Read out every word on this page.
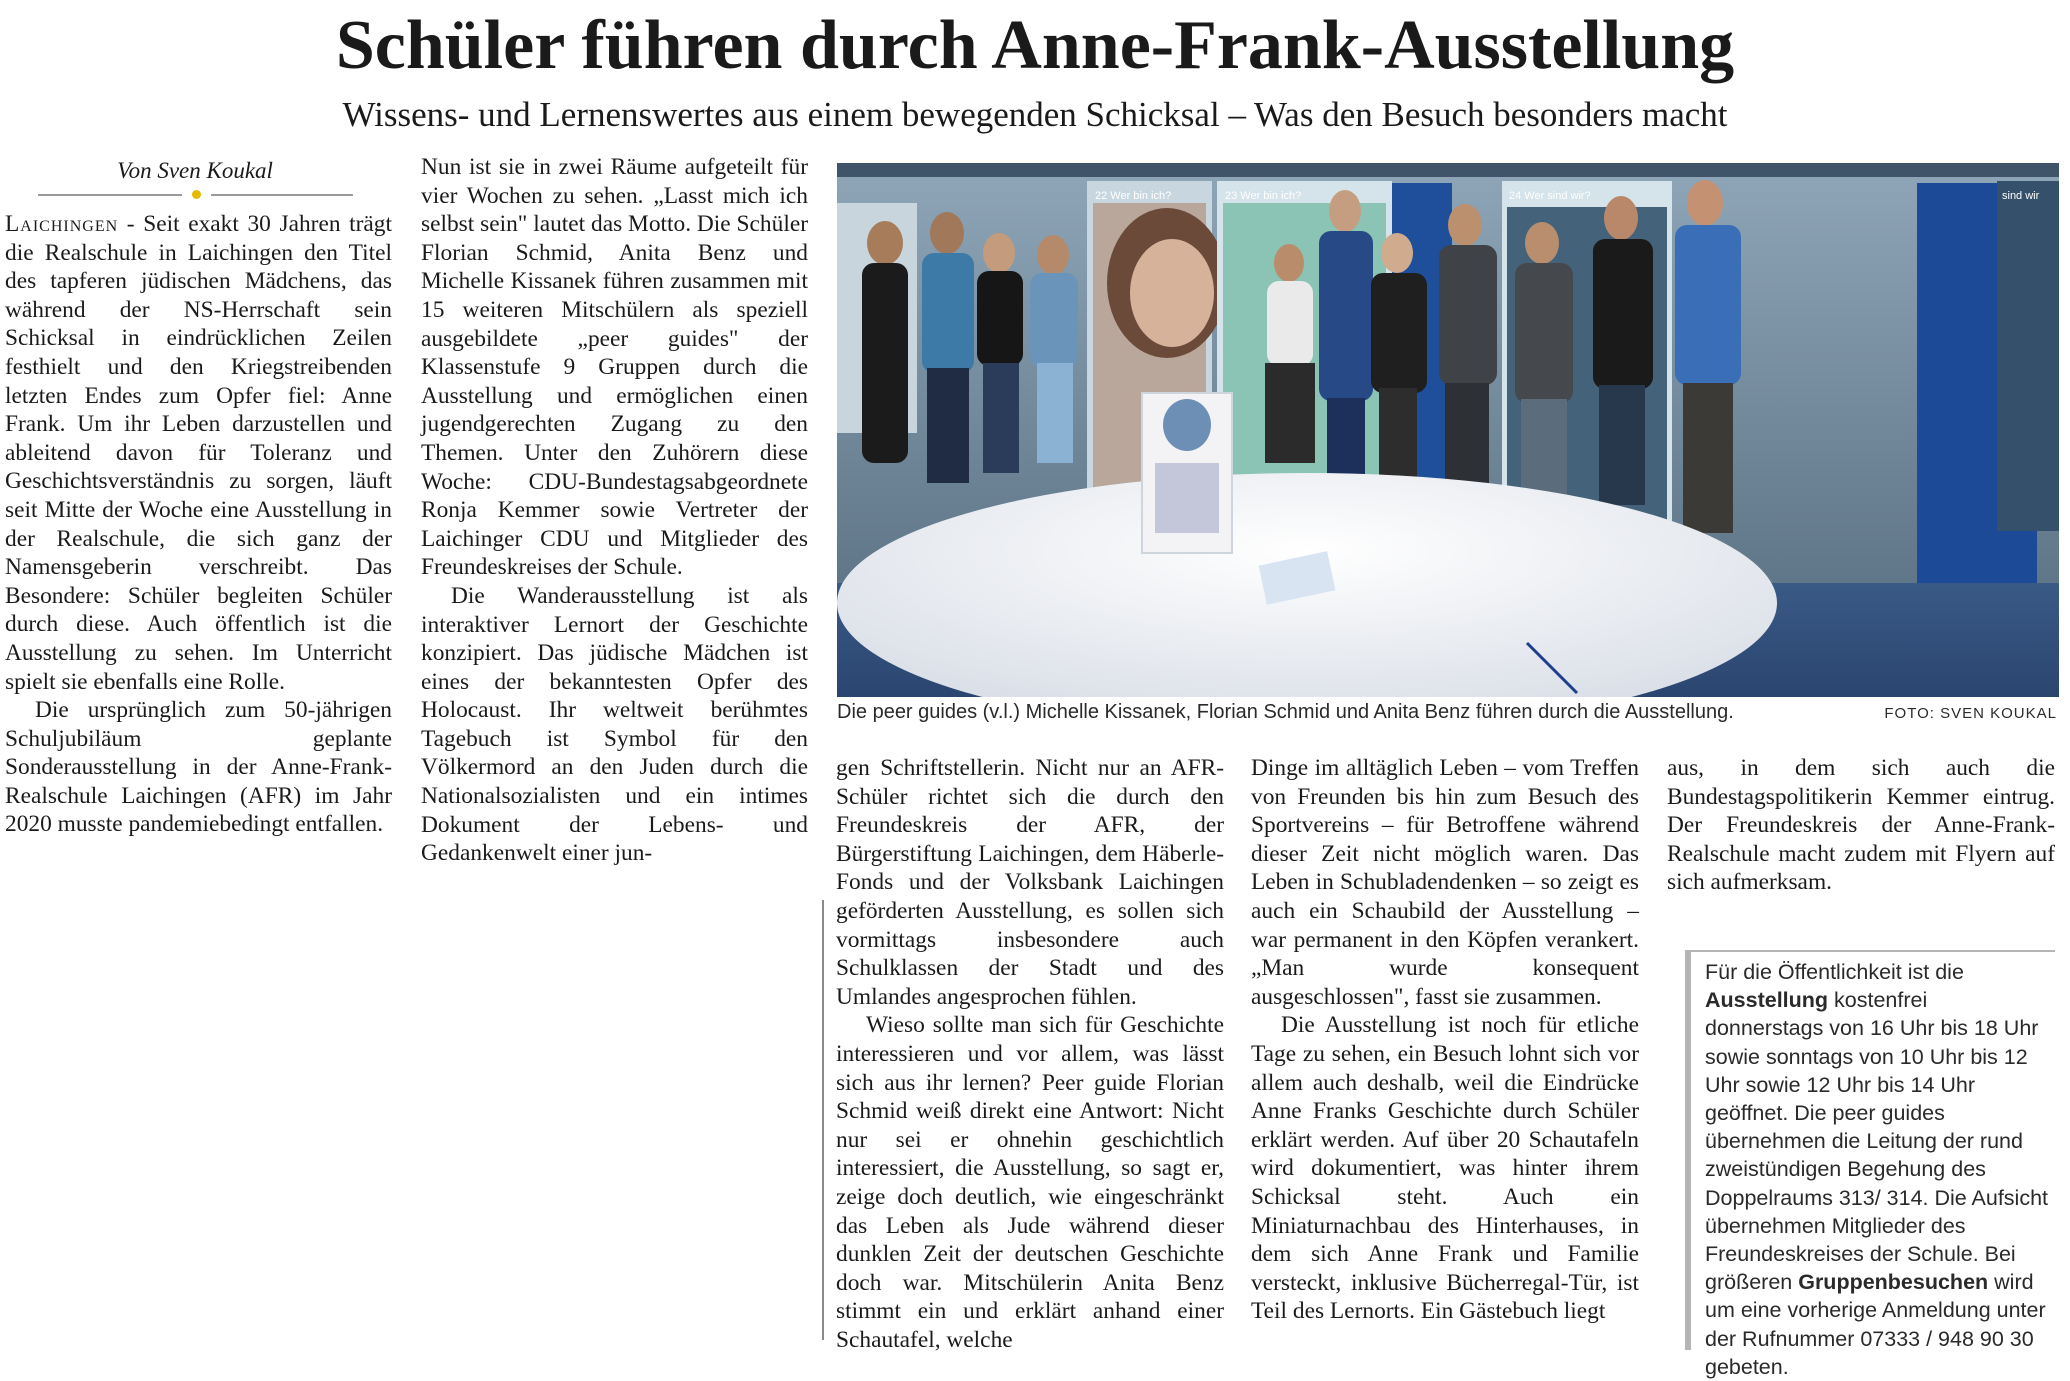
Schüler führen durch Anne-Frank-Ausstellung
Wissens- und Lernenswertes aus einem bewegenden Schicksal – Was den Besuch besonders macht
Von Sven Koukal

Laichingen - Seit exakt 30 Jahren trägt die Realschule in Laichingen den Titel des tapferen jüdischen Mädchens, das während der NS-Herrschaft sein Schicksal in eindrücklichen Zeilen festhielt und den Kriegstreibenden letzten Endes zum Opfer fiel: Anne Frank. Um ihr Leben darzustellen und ableitend davon für Toleranz und Geschichtsverständnis zu sorgen, läuft seit Mitte der Woche eine Ausstellung in der Realschule, die sich ganz der Namensgeberin verschreibt. Das Besondere: Schüler begleiten Schüler durch diese. Auch öffentlich ist die Ausstellung zu sehen. Im Unterricht spielt sie ebenfalls eine Rolle.

Die ursprünglich zum 50-jährigen Schuljubiläum geplante Sonderausstellung in der Anne-Frank-Realschule Laichingen (AFR) im Jahr 2020 musste pandemiebedingt entfallen.

Nun ist sie in zwei Räume aufgeteilt für vier Wochen zu sehen. „Lasst mich ich selbst sein" lautet das Motto. Die Schüler Florian Schmid, Anita Benz und Michelle Kissanek führen zusammen mit 15 weiteren Mitschülern als speziell ausgebildete „peer guides" der Klassenstufe 9 Gruppen durch die Ausstellung und ermöglichen einen jugendgerechten Zugang zu den Themen. Unter den Zuhörern diese Woche: CDU-Bundestagsabgeordnete Ronja Kemmer sowie Vertreter der Laichinger CDU und Mitglieder des Freundeskreises der Schule.

Die Wanderausstellung ist als interaktiver Lernort der Geschichte konzipiert. Das jüdische Mädchen ist eines der bekanntesten Opfer des Holocaust. Ihr weltweit berühmtes Tagebuch ist Symbol für den Völkermord an den Juden durch die Nationalsozialisten und ein intimes Dokument der Lebens- und Gedankenwelt einer jun-

22 Wer bin ich?	23 Wer bin ich?	24 Wer sind wir?	sind wir
Die peer guides (v.l.) Michelle Kissanek, Florian Schmid und Anita Benz führen durch die Ausstellung.	FOTO: SVEN KOUKAL

gen Schriftstellerin. Nicht nur an AFR-Schüler richtet sich die durch den Freundeskreis der AFR, der Bürgerstiftung Laichingen, dem Häberle-Fonds und der Volksbank Laichingen geförderten Ausstellung, es sollen sich vormittags insbesondere auch Schulklassen der Stadt und des Umlandes angesprochen fühlen.

Wieso sollte man sich für Geschichte interessieren und vor allem, was lässt sich aus ihr lernen? Peer guide Florian Schmid weiß direkt eine Antwort: Nicht nur sei er ohnehin geschichtlich interessiert, die Ausstellung, so sagt er, zeige doch deutlich, wie eingeschränkt das Leben als Jude während dieser dunklen Zeit der deutschen Geschichte doch war. Mitschülerin Anita Benz stimmt ein und erklärt anhand einer Schautafel, welche

Dinge im alltäglich Leben – vom Treffen von Freunden bis hin zum Besuch des Sportvereins – für Betroffene während dieser Zeit nicht möglich waren. Das Leben in Schubladendenken – so zeigt es auch ein Schaubild der Ausstellung – war permanent in den Köpfen verankert. „Man wurde konsequent ausgeschlossen", fasst sie zusammen.

Die Ausstellung ist noch für etliche Tage zu sehen, ein Besuch lohnt sich vor allem auch deshalb, weil die Eindrücke Anne Franks Geschichte durch Schüler erklärt werden. Auf über 20 Schautafeln wird dokumentiert, was hinter ihrem Schicksal steht. Auch ein Miniaturnachbau des Hinterhauses, in dem sich Anne Frank und Familie versteckt, inklusive Bücherregal-Tür, ist Teil des Lernorts. Ein Gästebuch liegt

aus, in dem sich auch die Bundestagspolitikerin Kemmer eintrug. Der Freundeskreis der Anne-Frank-Realschule macht zudem mit Flyern auf sich aufmerksam.

Für die Öffentlichkeit ist die Ausstellung kostenfrei donnerstags von 16 Uhr bis 18 Uhr sowie sonntags von 10 Uhr bis 12 Uhr sowie 12 Uhr bis 14 Uhr geöffnet. Die peer guides übernehmen die Leitung der rund zweistündigen Begehung des Doppelraums 313/ 314. Die Aufsicht übernehmen Mitglieder des Freundeskreises der Schule. Bei größeren Gruppenbesuchen wird um eine vorherige Anmeldung unter der Rufnummer 07333 / 948 90 30 gebeten.
